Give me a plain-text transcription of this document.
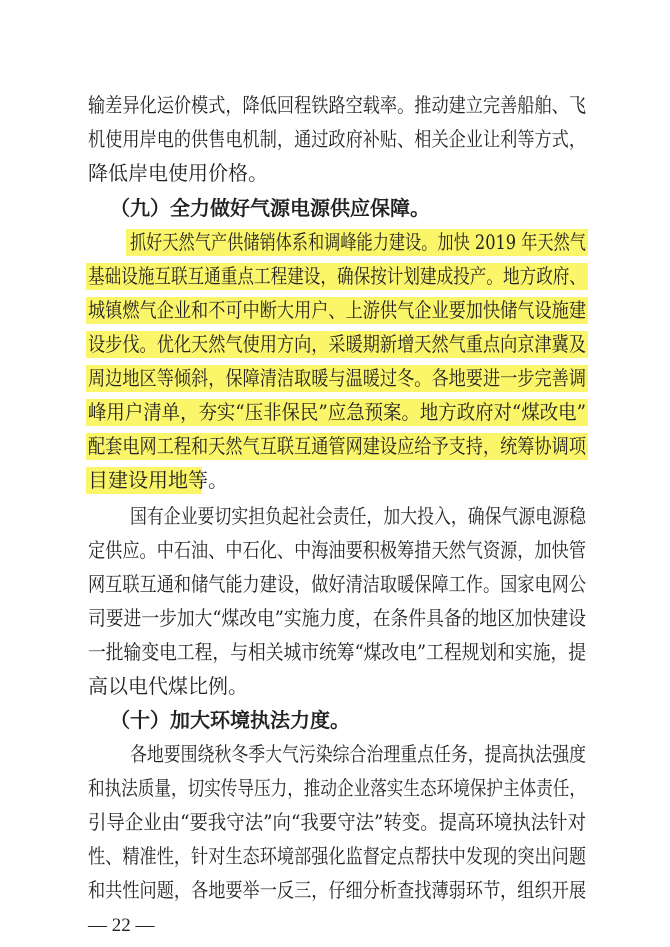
输差异化运价模式，降低回程铁路空载率。推动建立完善船舶、飞
机使用岸电的供售电机制，通过政府补贴、相关企业让利等方式，
降低岸电使用价格。
（九）全力做好气源电源供应保障。
抓好天然气产供储销体系和调峰能力建设。加快 2019 年天然气
基础设施互联互通重点工程建设，确保按计划建成投产。地方政府、
城镇燃气企业和不可中断大用户、上游供气企业要加快储气设施建
设步伐。优化天然气使用方向，采暖期新增天然气重点向京津冀及
周边地区等倾斜，保障清洁取暖与温暖过冬。各地要进一步完善调
峰用户清单，夯实“压非保民”应急预案。地方政府对“煤改电”
配套电网工程和天然气互联互通管网建设应给予支持，统筹协调项
目建设用地等。
国有企业要切实担负起社会责任，加大投入，确保气源电源稳
定供应。中石油、中石化、中海油要积极筹措天然气资源，加快管
网互联互通和储气能力建设，做好清洁取暖保障工作。国家电网公
司要进一步加大“煤改电”实施力度，在条件具备的地区加快建设
一批输变电工程，与相关城市统筹“煤改电”工程规划和实施，提
高以电代煤比例。
（十）加大环境执法力度。
各地要围绕秋冬季大气污染综合治理重点任务，提高执法强度
和执法质量，切实传导压力，推动企业落实生态环境保护主体责任，
引导企业由“要我守法”向“我要守法”转变。提高环境执法针对
性、精准性，针对生态环境部强化监督定点帮扶中发现的突出问题
和共性问题，各地要举一反三，仔细分析查找薄弱环节，组织开展
— 22 —
